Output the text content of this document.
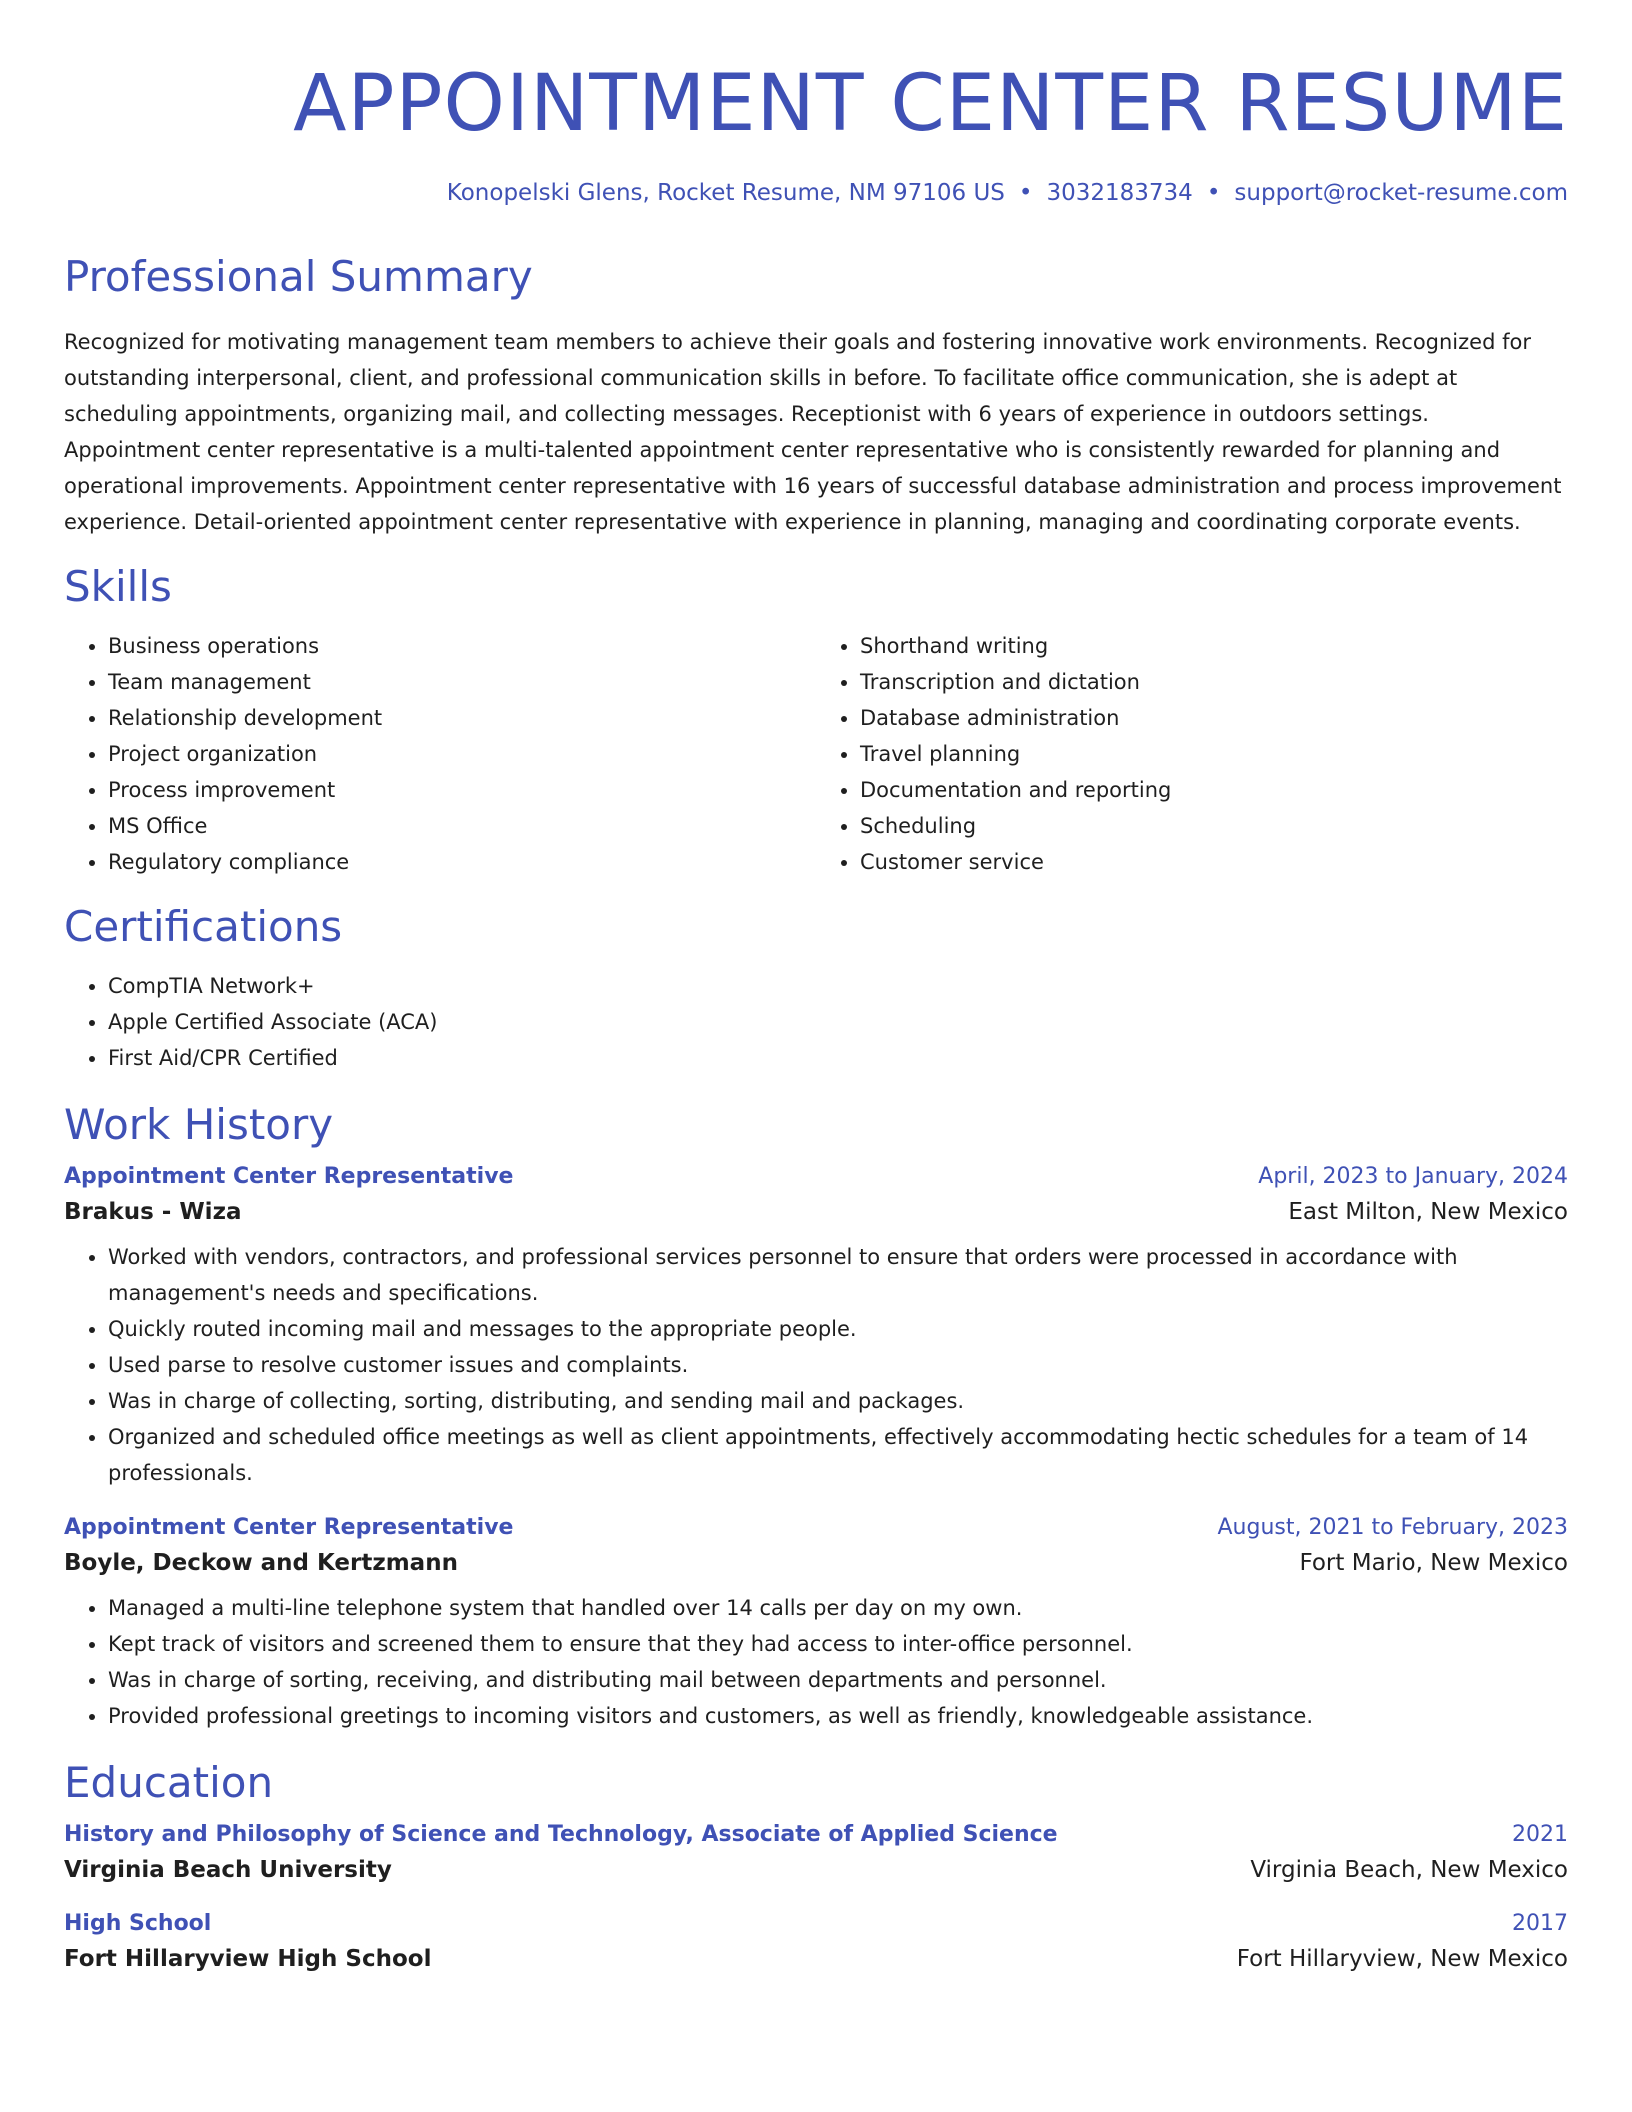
APPOINTMENT CENTER RESUME
Konopelski Glens, Rocket Resume, NM 97106 US • 3032183734 • support@rocket-resume.com
Professional Summary

Recognized for motivating management team members to achieve their goals and fostering innovative work environments. Recognized for outstanding interpersonal, client, and professional communication skills in before. To facilitate office communication, she is adept at scheduling appointments, organizing mail, and collecting messages. Receptionist with 6 years of experience in outdoors settings. Appointment center representative is a multi-talented appointment center representative who is consistently rewarded for planning and operational improvements. Appointment center representative with 16 years of successful database administration and process improvement experience. Detail-oriented appointment center representative with experience in planning, managing and coordinating corporate events.

Skills
• Business operations
• Team management
• Relationship development
• Project organization
• Process improvement
• MS Office
• Regulatory compliance
• Shorthand writing
• Transcription and dictation
• Database administration
• Travel planning
• Documentation and reporting
• Scheduling
• Customer service
Certifications
• CompTIA Network+
• Apple Certified Associate (ACA)
• First Aid/CPR Certified
Work History
Appointment Center Representative	April, 2023 to January, 2024
Brakus - Wiza	East Milton, New Mexico
• Worked with vendors, contractors, and professional services personnel to ensure that orders were processed in accordance with management's needs and specifications.
• Quickly routed incoming mail and messages to the appropriate people.
• Used parse to resolve customer issues and complaints.
• Was in charge of collecting, sorting, distributing, and sending mail and packages.
• Organized and scheduled office meetings as well as client appointments, effectively accommodating hectic schedules for a team of 14 professionals.
Appointment Center Representative	August, 2021 to February, 2023
Boyle, Deckow and Kertzmann	Fort Mario, New Mexico
• Managed a multi-line telephone system that handled over 14 calls per day on my own.
• Kept track of visitors and screened them to ensure that they had access to inter-office personnel.
• Was in charge of sorting, receiving, and distributing mail between departments and personnel.
• Provided professional greetings to incoming visitors and customers, as well as friendly, knowledgeable assistance.
Education
History and Philosophy of Science and Technology, Associate of Applied Science	2021
Virginia Beach University	Virginia Beach, New Mexico
High School	2017
Fort Hillaryview High School	Fort Hillaryview, New Mexico
